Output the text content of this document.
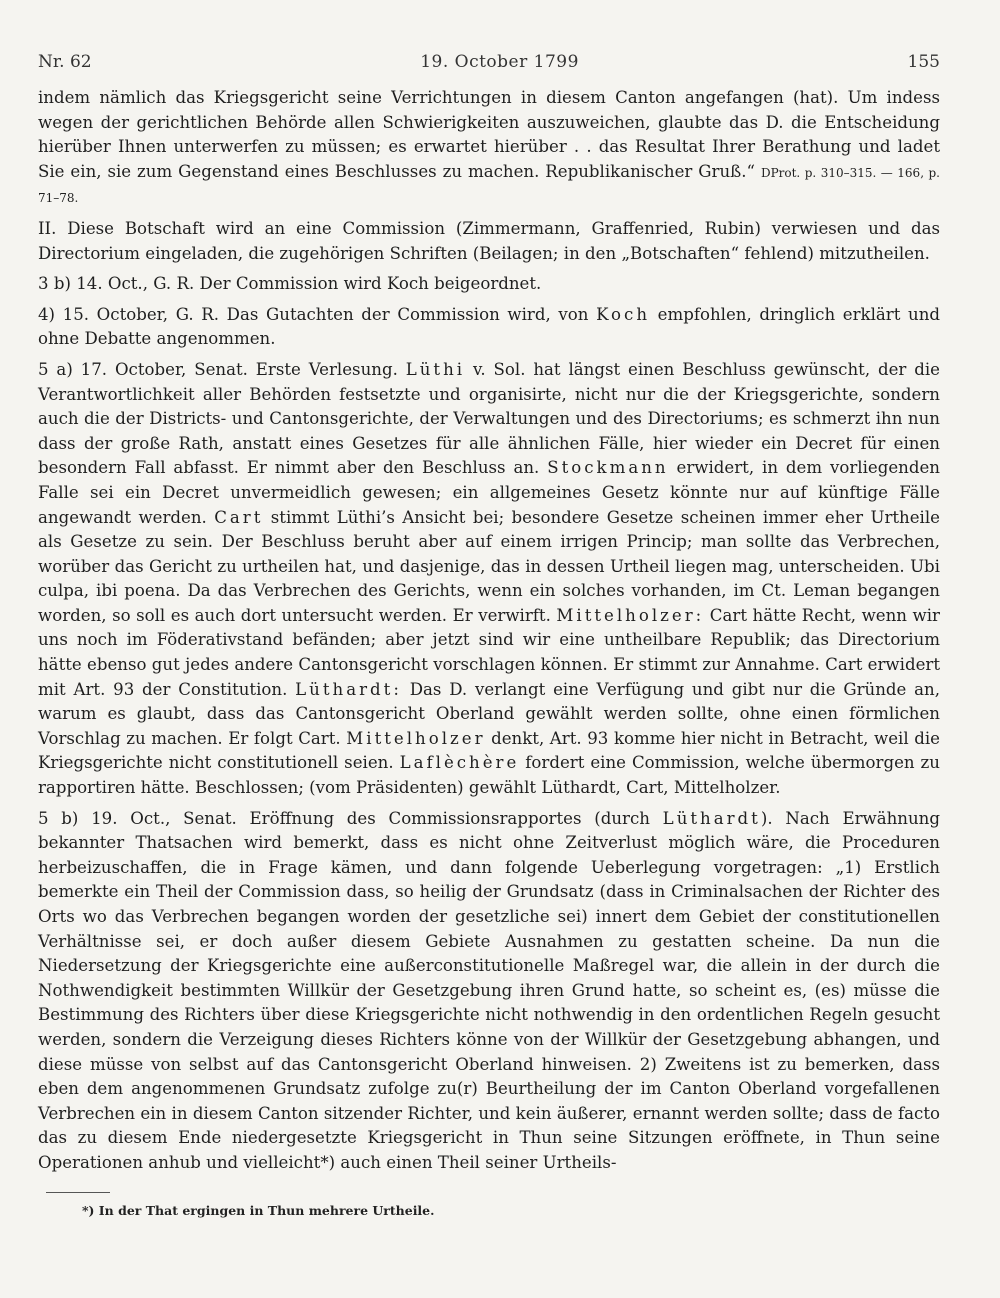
Nr. 62	19. October 1799	155

indem nämlich das Kriegsgericht seine Verrichtungen in diesem Canton angefangen (hat). Um indess wegen der gerichtlichen Behörde allen Schwierigkeiten auszuweichen, glaubte das D. die Entscheidung hierüber Ihnen unterwerfen zu müssen; es erwartet hierüber . . das Resultat Ihrer Berathung und ladet Sie ein, sie zum Gegenstand eines Beschlusses zu machen. Republikanischer Gruß.“ DProt. p. 310–315. — 166, p. 71–78.

II. Diese Botschaft wird an eine Commission (Zimmermann, Graffenried, Rubin) verwiesen und das Directorium eingeladen, die zugehörigen Schriften (Beilagen; in den „Botschaften“ fehlend) mitzutheilen.

3 b) 14. Oct., G. R. Der Commission wird Koch beigeordnet.

4) 15. October, G. R. Das Gutachten der Commission wird, von Koch empfohlen, dringlich erklärt und ohne Debatte angenommen.

5 a) 17. October, Senat. Erste Verlesung. Lüthi v. Sol. hat längst einen Beschluss gewünscht, der die Verantwortlichkeit aller Behörden festsetzte und organisirte, nicht nur die der Kriegsgerichte, sondern auch die der Districts- und Cantonsgerichte, der Verwaltungen und des Directoriums; es schmerzt ihn nun dass der große Rath, anstatt eines Gesetzes für alle ähnlichen Fälle, hier wieder ein Decret für einen besondern Fall abfasst. Er nimmt aber den Beschluss an. Stockmann erwidert, in dem vorliegenden Falle sei ein Decret unvermeidlich gewesen; ein allgemeines Gesetz könnte nur auf künftige Fälle angewandt werden. Cart stimmt Lüthi’s Ansicht bei; besondere Gesetze scheinen immer eher Urtheile als Gesetze zu sein. Der Beschluss beruht aber auf einem irrigen Princip; man sollte das Verbrechen, worüber das Gericht zu urtheilen hat, und dasjenige, das in dessen Urtheil liegen mag, unterscheiden. Ubi culpa, ibi poena. Da das Verbrechen des Gerichts, wenn ein solches vorhanden, im Ct. Leman begangen worden, so soll es auch dort untersucht werden. Er verwirft. Mittelholzer: Cart hätte Recht, wenn wir uns noch im Föderativstand befänden; aber jetzt sind wir eine untheilbare Republik; das Directorium hätte ebenso gut jedes andere Cantonsgericht vorschlagen können. Er stimmt zur Annahme. Cart erwidert mit Art. 93 der Constitution. Lüthardt: Das D. verlangt eine Verfügung und gibt nur die Gründe an, warum es glaubt, dass das Cantonsgericht Oberland gewählt werden sollte, ohne einen förmlichen Vorschlag zu machen. Er folgt Cart. Mittelholzer denkt, Art. 93 komme hier nicht in Betracht, weil die Kriegsgerichte nicht constitutionell seien. Laflèchère fordert eine Commission, welche übermorgen zu rapportiren hätte. Beschlossen; (vom Präsidenten) gewählt Lüthardt, Cart, Mittelholzer.

5 b) 19. Oct., Senat. Eröffnung des Commissionsrapportes (durch Lüthardt). Nach Erwähnung bekannter Thatsachen wird bemerkt, dass es nicht ohne Zeitverlust möglich wäre, die Proceduren herbeizuschaffen, die in Frage kämen, und dann folgende Ueberlegung vorgetragen: „1) Erstlich bemerkte ein Theil der Commission dass, so heilig der Grundsatz (dass in Criminalsachen der Richter des Orts wo das Verbrechen begangen worden der gesetzliche sei) innert dem Gebiet der constitutionellen Verhältnisse sei, er doch außer diesem Gebiete Ausnahmen zu gestatten scheine. Da nun die Niedersetzung der Kriegsgerichte eine außerconstitutionelle Maßregel war, die allein in der durch die Nothwendigkeit bestimmten Willkür der Gesetzgebung ihren Grund hatte, so scheint es, (es) müsse die Bestimmung des Richters über diese Kriegsgerichte nicht nothwendig in den ordentlichen Regeln gesucht werden, sondern die Verzeigung dieses Richters könne von der Willkür der Gesetzgebung abhangen, und diese müsse von selbst auf das Cantonsgericht Oberland hinweisen. 2) Zweitens ist zu bemerken, dass eben dem angenommenen Grundsatz zufolge zu(r) Beurtheilung der im Canton Oberland vorgefallenen Verbrechen ein in diesem Canton sitzender Richter, und kein äußerer, ernannt werden sollte; dass de facto das zu diesem Ende niedergesetzte Kriegsgericht in Thun seine Sitzungen eröffnete, in Thun seine Operationen anhub und vielleicht*) auch einen Theil seiner Urtheils-

*) In der That ergingen in Thun mehrere Urtheile.
